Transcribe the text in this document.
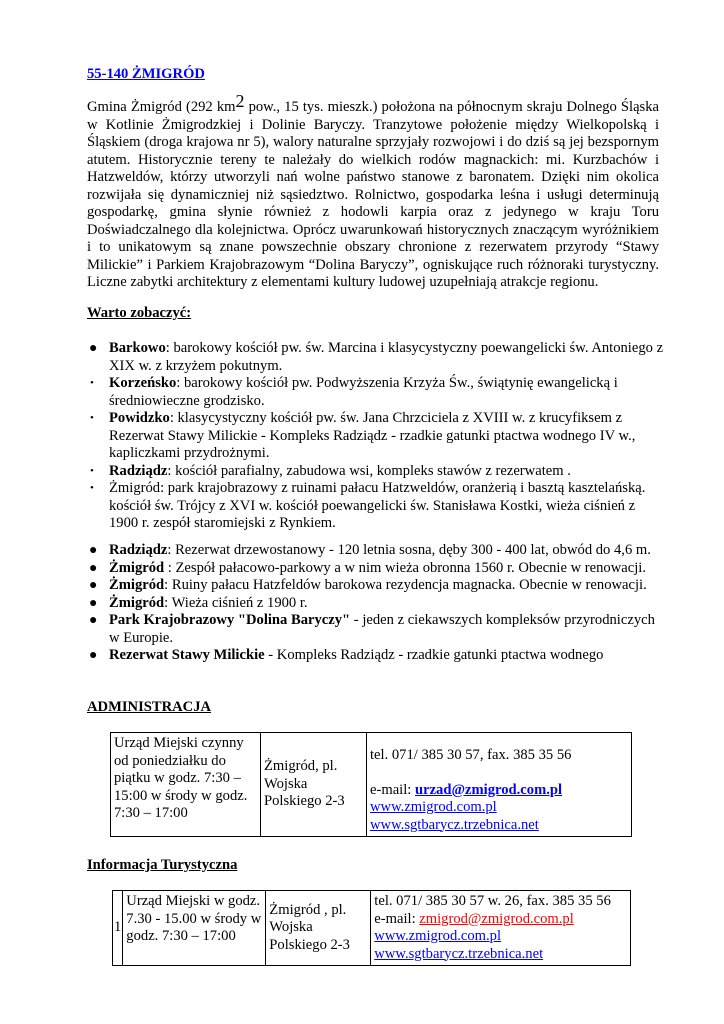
55-140 ŻMIGRÓD
Gmina Żmigród (292 $km^2$ pow., 15 tys. mieszk.) położona na północnym skraju Dolnego Śląska w Kotlinie Żmigrodzkiej i Dolinie Baryczy. Tranzytowe położenie między Wielkopolską i Śląskiem (droga krajowa nr 5), walory naturalne sprzyjały rozwojowi i do dziś są jej bezspornym atutem. Historycznie tereny te należały do wielkich rodów magnackich: mi. Kurzbachów i Hatzweldów, którzy utworzyli nań wolne państwo stanowe z baronatem. Dzięki nim okolica rozwijała się dynamiczniej niż sąsiedztwo. Rolnictwo, gospodarka leśna i usługi determinują gospodarkę, gmina słynie również z hodowli karpia oraz z jedynego w kraju Toru Doświadczalnego dla kolejnictwa. Oprócz uwarunkowań historycznych znaczącym wyróżnikiem i to unikatowym są znane powszechnie obszary chronione z rezerwatem przyrody “Stawy Milickie” i Parkiem Krajobrazowym “Dolina Baryczy”, ogniskujące ruch różnoraki turystyczny. Liczne zabytki architektury z elementami kultury ludowej uzupełniają atrakcje regionu.
Warto zobaczyć:
● Barkowo: barokowy kościół pw. św. Marcina i klasycystyczny poewangelicki św. Antoniego z XIX w. z krzyżem pokutnym.
• Korzeńsko: barokowy kościół pw. Podwyższenia Krzyża Św., świątynię ewangelicką i średniowieczne grodzisko.
• Powidzko: klasycystyczny kościół pw. św. Jana Chrzciciela z XVIII w. z krucyfiksem z Rezerwat Stawy Milickie - Kompleks Radziądz - rzadkie gatunki ptactwa wodnego IV w., kapliczkami przydrożnymi.
• Radziądz: kościół parafialny, zabudowa wsi, kompleks stawów z rezerwatem .
• Żmigród: park krajobrazowy z ruinami pałacu Hatzweldów, oranżerią i basztą kasztelańską. kościół św. Trójcy z XVI w. kościół poewangelicki św. Stanisława Kostki, wieża ciśnień z 1900 r. zespół staromiejski z Rynkiem.
● Radziądz: Rezerwat drzewostanowy - 120 letnia sosna, dęby 300 - 400 lat, obwód do 4,6 m.
● Żmigród : Zespół pałacowo-parkowy a w nim wieża obronna 1560 r. Obecnie w renowacji.
● Żmigród: Ruiny pałacu Hatzfeldów barokowa rezydencja magnacka. Obecnie w renowacji.
● Żmigród: Wieża ciśnień z 1900 r.
● Park Krajobrazowy "Dolina Baryczy" - jeden z ciekawszych kompleksów przyrodniczych w Europie.
● Rezerwat Stawy Milickie - Kompleks Radziądz - rzadkie gatunki ptactwa wodnego
ADMINISTRACJA
Urząd Miejski czynny od poniedziałku do piątku w godz. 7:30 – 15:00 w środy w godz. 7:30 – 17:00	Żmigród, pl. Wojska Polskiego 2-3	
tel. 071/ 385 30 57, fax. 385 35 56
e-mail: urzad@zmigrod.com.pl
www.zmigrod.com.pl
www.sgtbarycz.trzebnica.net
Informacja Turystyczna
1	Urząd Miejski w godz. 7.30 - 15.00 w środy w godz. 7:30 – 17:00	Żmigród , pl. Wojska Polskiego 2-3	
tel. 071/ 385 30 57 w. 26, fax. 385 35 56
e-mail: zmigrod@zmigrod.com.pl
www.zmigrod.com.pl
www.sgtbarycz.trzebnica.net
